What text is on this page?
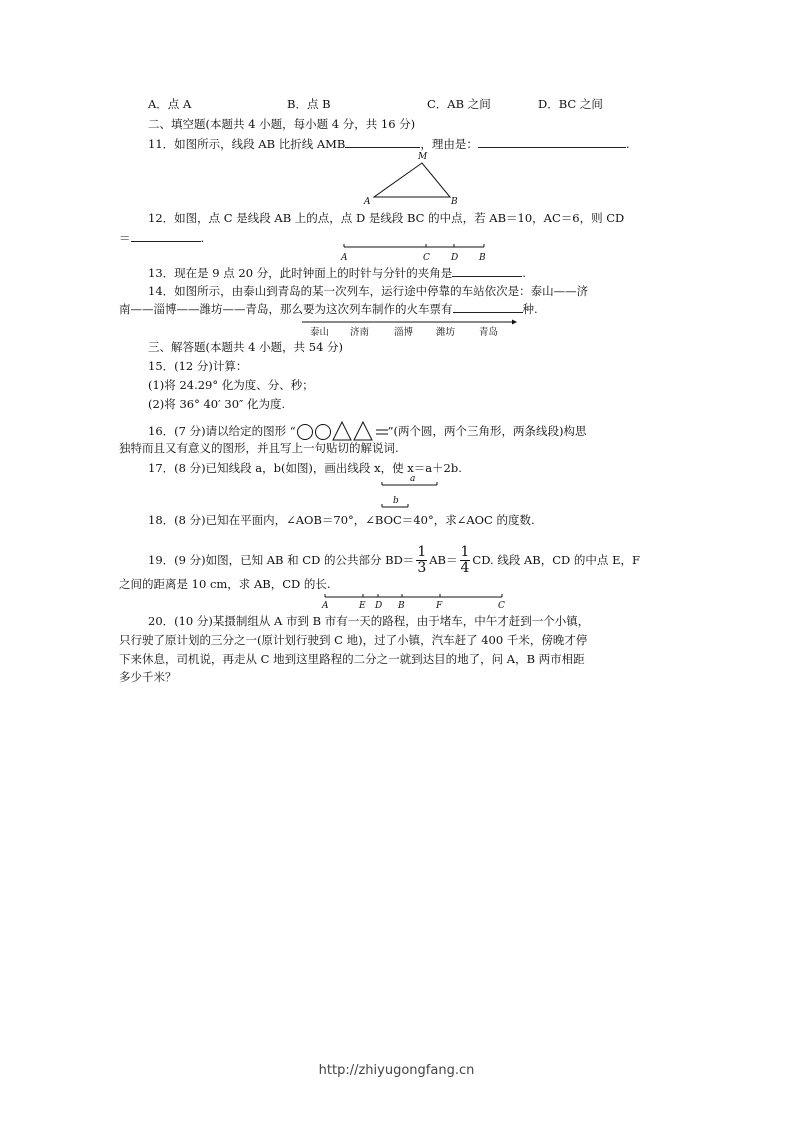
A．点 A	B．点 B	C．AB 之间	D．BC 之间
二、填空题(本题共 4 小题，每小题 4 分，共 16 分)
11．如图所示，线段 AB 比折线 AMB	，理由是：	.
M
A	B
12．如图，点 C 是线段 AB 上的点，点 D 是线段 BC 的中点，若 AB＝10，AC＝6，则 CD
＝	.
A	C D B
13．现在是 9 点 20 分，此时钟面上的时针与分针的夹角是	.
14．如图所示，由泰山到青岛的某一次列车，运行途中停靠的车站依次是：泰山——济
南——淄博——潍坊——青岛，那么要为这次列车制作的火车票有	种.
泰山 济南	淄博 潍坊	青岛
三、解答题(本题共 4 小题，共 54 分)
15．(12 分)计算：
(1)将 24.29° 化为度、分、秒；
(2)将 36° 40′ 30″ 化为度.
16．(7 分)请以给定的图形 “	”(两个圆，两个三角形，两条线段)构思
独特而且又有意义的图形，并且写上一句贴切的解说词.
17．(8 分)已知线段 a，b(如图)，画出线段 x，使 x＝a＋2b.
a
b
18．(8 分)已知在平面内，∠AOB＝70°，∠BOC＝40°，求∠AOC 的度数.
19．(9 分)如图，已知 AB 和 CD 的公共部分 $BD= \frac{1}{3} AB= \frac{1}{4}$ CD. 线段 AB，CD 的中点 E，F
之间的距离是 10 cm，求 AB，CD 的长.
A	E D B	F	C
20．(10 分)某摄制组从 A 市到 B 市有一天的路程，由于堵车，中午才赶到一个小镇，
只行驶了原计划的三分之一(原计划行驶到 C 地)，过了小镇，汽车赶了 400 千米，傍晚才停
下来休息，司机说，再走从 C 地到这里路程的二分之一就到达目的地了，问 A，B 两市相距
多少千米？
http://zhiyugongfang.cn
